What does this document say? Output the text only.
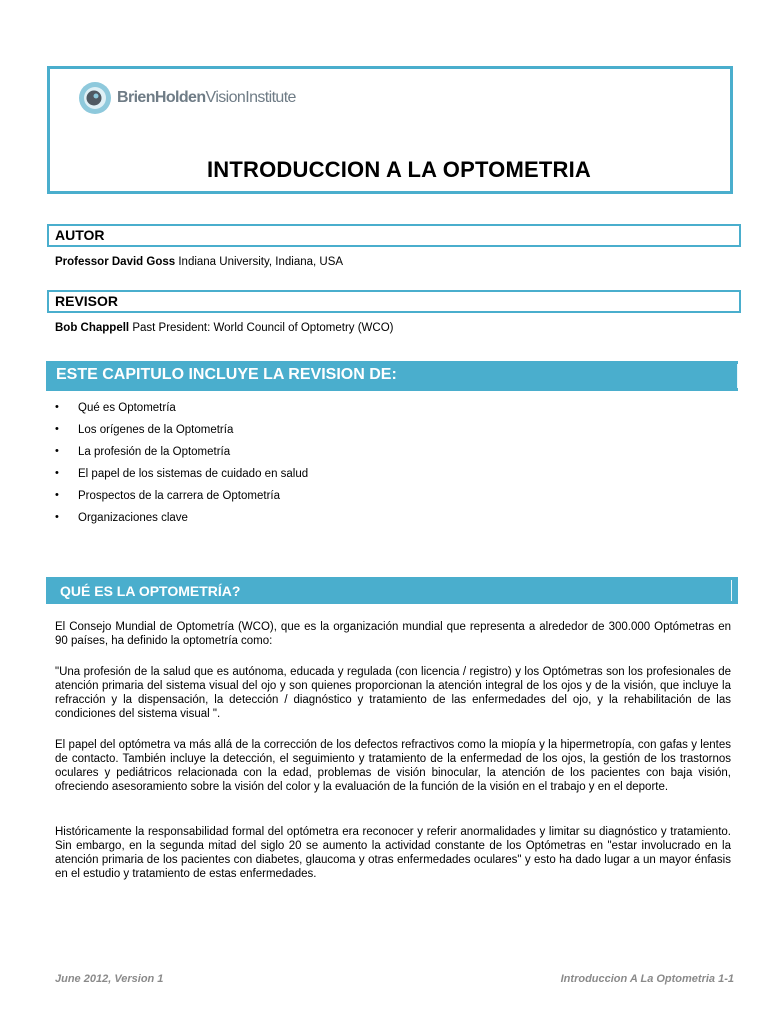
BrienHoldenVisionInstitute
INTRODUCCION A LA OPTOMETRIA
AUTOR
Professor David Goss Indiana University, Indiana, USA
REVISOR
Bob Chappell Past President: World Council of Optometry (WCO)
ESTE CAPITULO INCLUYE LA REVISION DE:
• Qué es Optometría
• Los orígenes de la Optometría
• La profesión de la Optometría
• El papel de los sistemas de cuidado en salud
• Prospectos de la carrera de Optometría
• Organizaciones clave
QUÉ ES LA OPTOMETRÍA?

El Consejo Mundial de Optometría (WCO), que es la organización mundial que representa a alrededor de 300.000 Optómetras en 90 países, ha definido la optometría como:

"Una profesión de la salud que es autónoma, educada y regulada (con licencia / registro) y los Optómetras son los profesionales de atención primaria del sistema visual del ojo y son quienes proporcionan la atención integral de los ojos y de la visión, que incluye la refracción y la dispensación, la detección / diagnóstico y tratamiento de las enfermedades del ojo, y la rehabilitación de las condiciones del sistema visual ".

El papel del optómetra va más allá de la corrección de los defectos refractivos como la miopía y la hipermetropía, con gafas y lentes de contacto. También incluye la detección, el seguimiento y tratamiento de la enfermedad de los ojos, la gestión de los trastornos oculares y pediátricos relacionada con la edad, problemas de visión binocular, la atención de los pacientes con baja visión, ofreciendo asesoramiento sobre la visión del color y la evaluación de la función de la visión en el trabajo y en el deporte.

Históricamente la responsabilidad formal del optómetra era reconocer y referir anormalidades y limitar su diagnóstico y tratamiento. Sin embargo, en la segunda mitad del siglo 20 se aumento la actividad constante de los Optómetras en "estar involucrado en la atención primaria de los pacientes con diabetes, glaucoma y otras enfermedades oculares" y esto ha dado lugar a un mayor énfasis en el estudio y tratamiento de estas enfermedades.

June 2012, Version 1	Introduccion A La Optometria 1-1
